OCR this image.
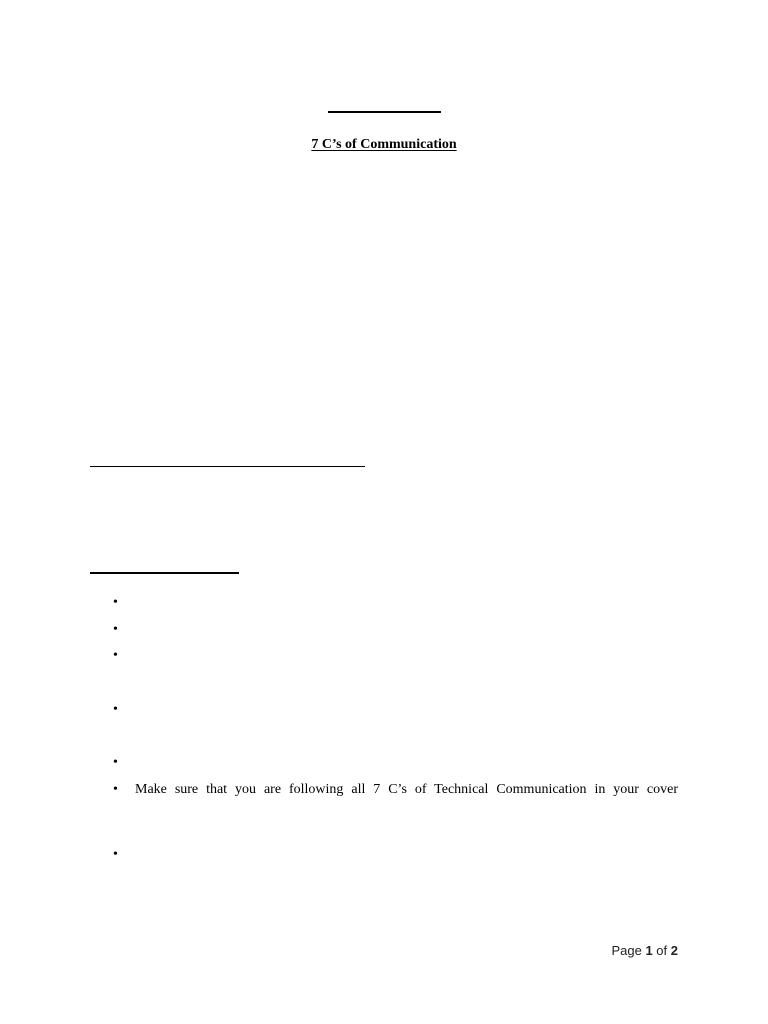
7 C’s of Communication
•
•
•
•
•
•	Make sure that you are following all 7 C’s of Technical Communication in your cover
•
Page 1 of 2
